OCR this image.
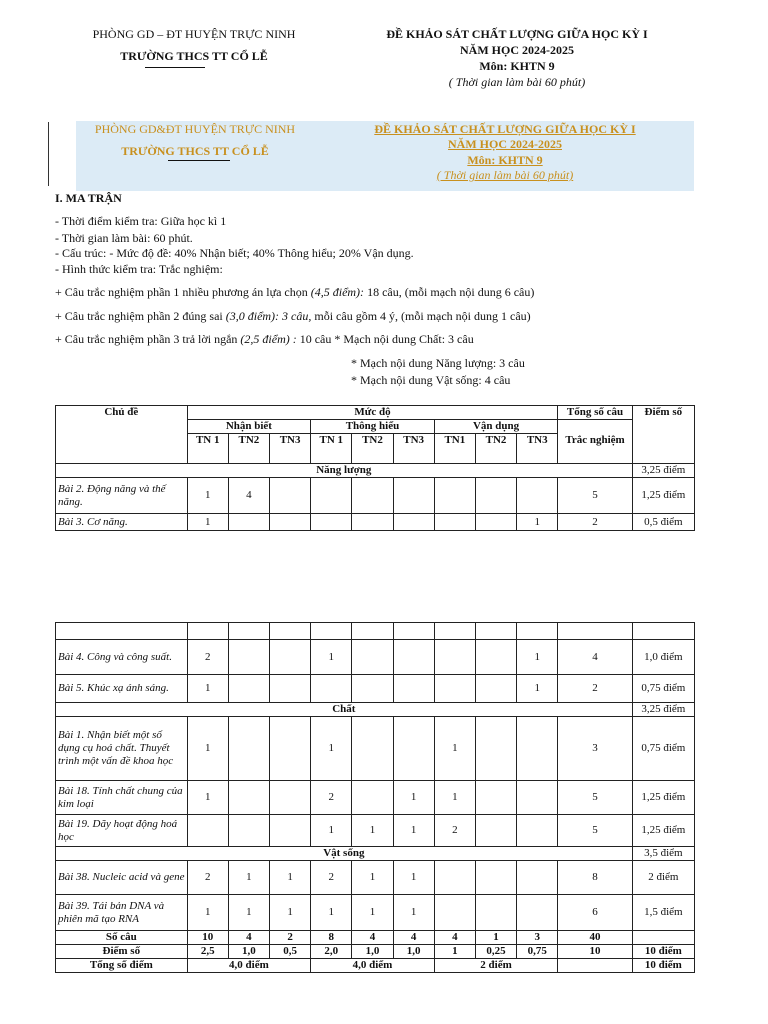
PHÒNG GD – ĐT HUYỆN TRỰC NINH
TRƯỜNG THCS TT CỔ LỄ
ĐỀ KHẢO SÁT CHẤT LƯỢNG GIỮA HỌC KỲ I
NĂM HỌC 2024-2025
Môn: KHTN 9
( Thời gian làm bài 60 phút)
PHÒNG GD&ĐT HUYỆN TRỰC NINH
TRƯỜNG THCS TT CỔ LỄ
ĐỀ KHẢO SÁT CHẤT LƯỢNG GIỮA HỌC KỲ I
NĂM HỌC 2024-2025
Môn: KHTN 9
( Thời gian làm bài 60 phút)
I. MA TRẬN
- Thời điểm kiểm tra: Giữa học kì 1
- Thời gian làm bài: 60 phút.
- Cấu trúc: - Mức độ đề: 40% Nhận biết; 40% Thông hiểu; 20% Vận dụng.
- Hình thức kiểm tra: Trắc nghiệm:
+ Câu trắc nghiệm phần 1 nhiều phương án lựa chọn (4,5 điểm): 18 câu, (mỗi mạch nội dung 6 câu)
+ Câu trắc nghiệm phần 2 đúng sai (3,0 điểm): 3 câu, mỗi câu gồm 4 ý, (mỗi mạch nội dung 1 câu)
+ Câu trắc nghiệm phần 3 trả lời ngắn (2,5 điểm) : 10 câu * Mạch nội dung Chất: 3 câu
* Mạch nội dung Năng lượng: 3 câu
* Mạch nội dung Vật sống: 4 câu
Chủ đề	Mức độ									Tổng số câu	Điểm số
	Nhận biết			Thông hiểu			Vận dụng				
	TN 1	TN2	TN3	TN 1	TN2	TN3	TN1	TN2	TN3	Trắc nghiệm	
Năng lượng											3,25 điểm
Bài 2. Động năng và thế năng.	1	4								5	1,25 điểm
Bài 3. Cơ năng.	1								1	2	0,5 điểm

Bài 4. Công và công suất.	2			1					1	4	1,0 điểm
Bài 5. Khúc xạ ánh sáng.	1								1	2	0,75 điểm
Chất											3,25 điểm
Bài 1. Nhận biết một số dụng cụ hoá chất. Thuyết trình một vấn đề khoa học	1			1			1			3	0,75 điểm
Bài 18. Tính chất chung của kim loại	1			2		1	1			5	1,25 điểm
Bài 19. Dãy hoạt động hoá học				1	1	1	2			5	1,25 điểm
Vật sống											3,5 điểm
Bài 38. Nucleic acid và gene	2	1	1	2	1	1				8	2 điểm
Bài 39. Tái bản DNA và phiên mã tạo RNA	1	1	1	1	1	1				6	1,5 điểm
Số câu	10	4	2	8	4	4	4	1	3	40	
Điểm số	2,5	1,0	0,5	2,0	1,0	1,0	1	0,25	0,75	10	10 điểm
Tổng số điểm	4,0 điểm			4,0 điểm			2 điểm				10 điểm
